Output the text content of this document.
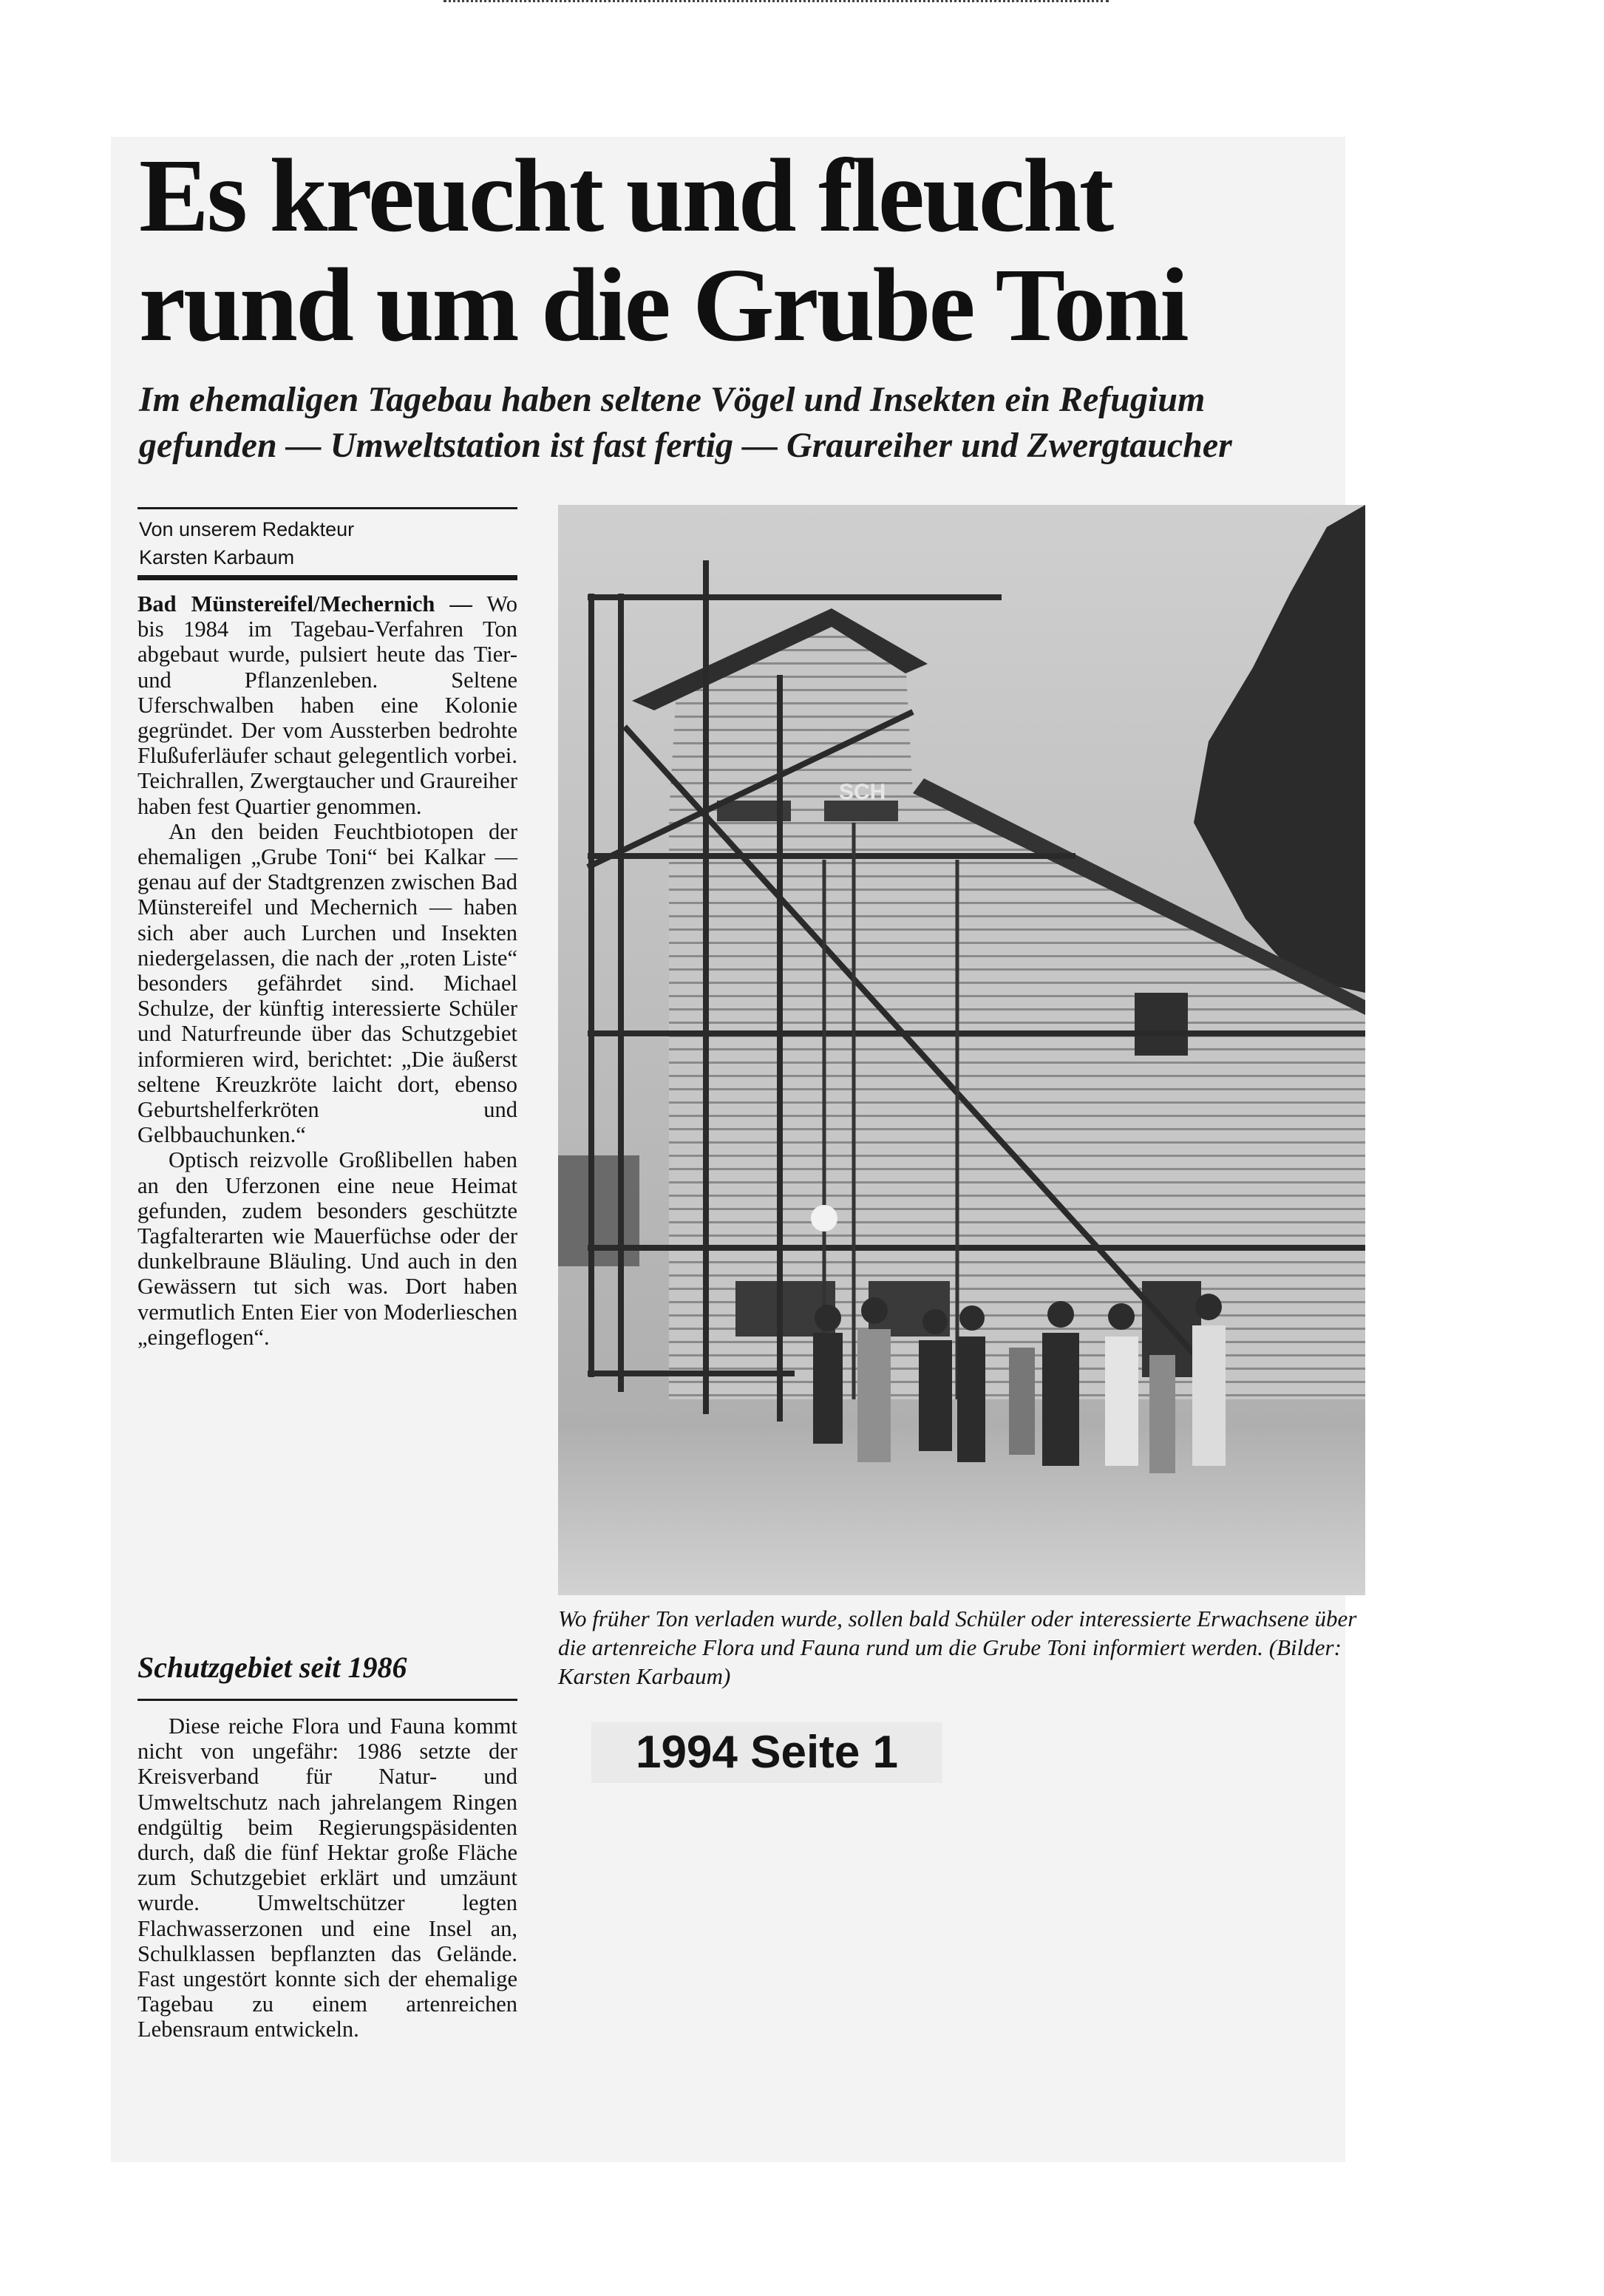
Es kreucht und fleucht rund um die Grube Toni
Im ehemaligen Tagebau haben seltene Vögel und Insekten ein Refugium gefunden — Umweltstation ist fast fertig — Graureiher und Zwergtaucher
Von unserem Redakteur
Karsten Karbaum

Bad Münstereifel/Mechernich — Wo bis 1984 im Tagebau-Verfahren Ton abgebaut wurde, pulsiert heute das Tier- und Pflanzenleben. Seltene Uferschwalben haben eine Kolonie gegründet. Der vom Aussterben bedrohte Flußuferläufer schaut gelegentlich vorbei. Teichrallen, Zwergtaucher und Graureiher haben fest Quartier genommen.

An den beiden Feuchtbiotopen der ehemaligen „Grube Toni“ bei Kalkar — genau auf der Stadtgrenzen zwischen Bad Münstereifel und Mechernich — haben sich aber auch Lurchen und Insekten niedergelassen, die nach der „roten Liste“ besonders gefährdet sind. Michael Schulze, der künftig interessierte Schüler und Naturfreunde über das Schutzgebiet informieren wird, berichtet: „Die äußerst seltene Kreuzkröte laicht dort, ebenso Geburtshelferkröten und Gelbbauchunken.“

Optisch reizvolle Großlibellen haben an den Uferzonen eine neue Heimat gefunden, zudem besonders geschützte Tagfalterarten wie Mauerfüchse oder der dunkelbraune Bläuling. Und auch in den Gewässern tut sich was. Dort haben vermutlich Enten Eier von Moderlieschen „eingeflogen“.

Schutzgebiet seit 1986

Diese reiche Flora und Fauna kommt nicht von ungefähr: 1986 setzte der Kreisverband für Natur- und Umweltschutz nach jahrelangem Ringen endgültig beim Regierungspäsidenten durch, daß die fünf Hektar große Fläche zum Schutzgebiet erklärt und umzäunt wurde. Umweltschützer legten Flachwasserzonen und eine Insel an, Schulklassen bepflanzten das Gelände. Fast ungestört konnte sich der ehemalige Tagebau zu einem artenreichen Lebensraum entwickeln.

SCH

Wo früher Ton verladen wurde, sollen bald Schüler oder interessierte Erwachsene über die artenreiche Flora und Fauna rund um die Grube Toni informiert werden. (Bilder: Karsten Karbaum)

1994 Seite 1
